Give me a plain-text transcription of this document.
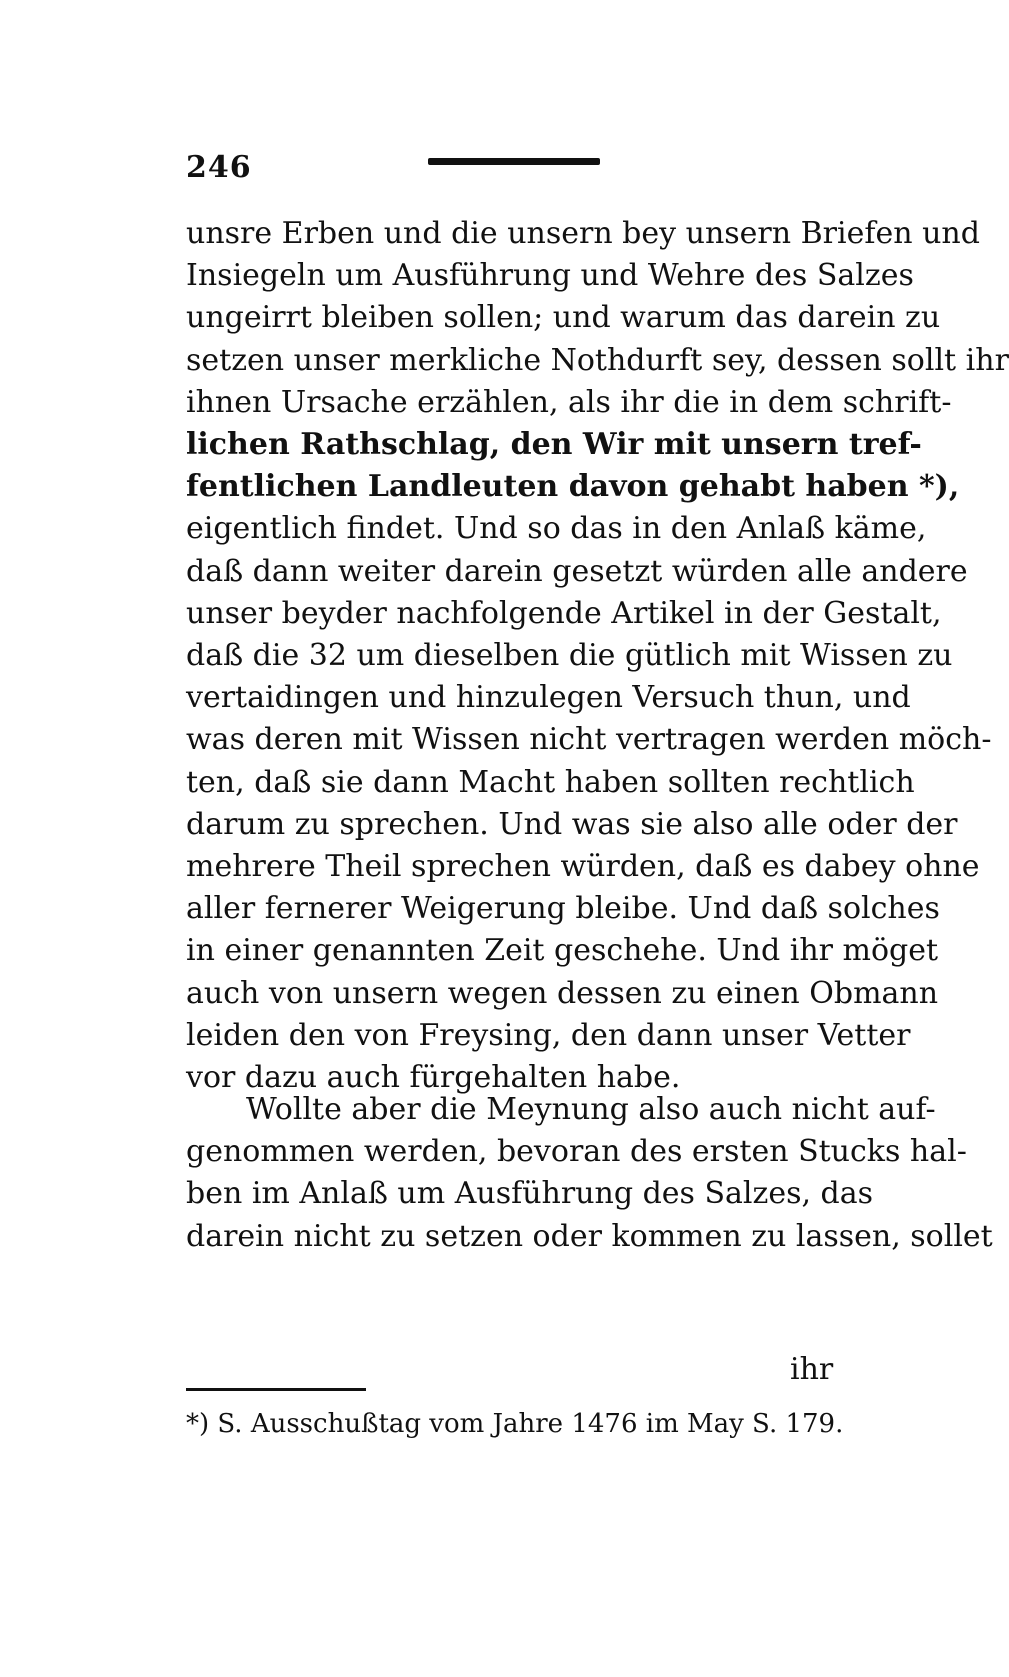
246
unsre Erben und die unsern bey unsern Briefen und
Insiegeln um Ausführung und Wehre des Salzes
ungeirrt bleiben sollen; und warum das darein zu
setzen unser merkliche Nothdurft sey, dessen sollt ihr
ihnen Ursache erzählen, als ihr die in dem schrift-
lichen Rathschlag, den Wir mit unsern tref-
fentlichen Landleuten davon gehabt haben *),
eigentlich findet. Und so das in den Anlaß käme,
daß dann weiter darein gesetzt würden alle andere
unser beyder nachfolgende Artikel in der Gestalt,
daß die 32 um dieselben die gütlich mit Wissen zu
vertaidingen und hinzulegen Versuch thun, und
was deren mit Wissen nicht vertragen werden möch-
ten, daß sie dann Macht haben sollten rechtlich
darum zu sprechen. Und was sie also alle oder der
mehrere Theil sprechen würden, daß es dabey ohne
aller fernerer Weigerung bleibe. Und daß solches
in einer genannten Zeit geschehe. Und ihr möget
auch von unsern wegen dessen zu einen Obmann
leiden den von Freysing, den dann unser Vetter
vor dazu auch fürgehalten habe.
Wollte aber die Meynung also auch nicht auf-
genommen werden, bevoran des ersten Stucks hal-
ben im Anlaß um Ausführung des Salzes, das
darein nicht zu setzen oder kommen zu lassen, sollet
ihr
*) S. Ausschußtag vom Jahre 1476 im May S. 179.
